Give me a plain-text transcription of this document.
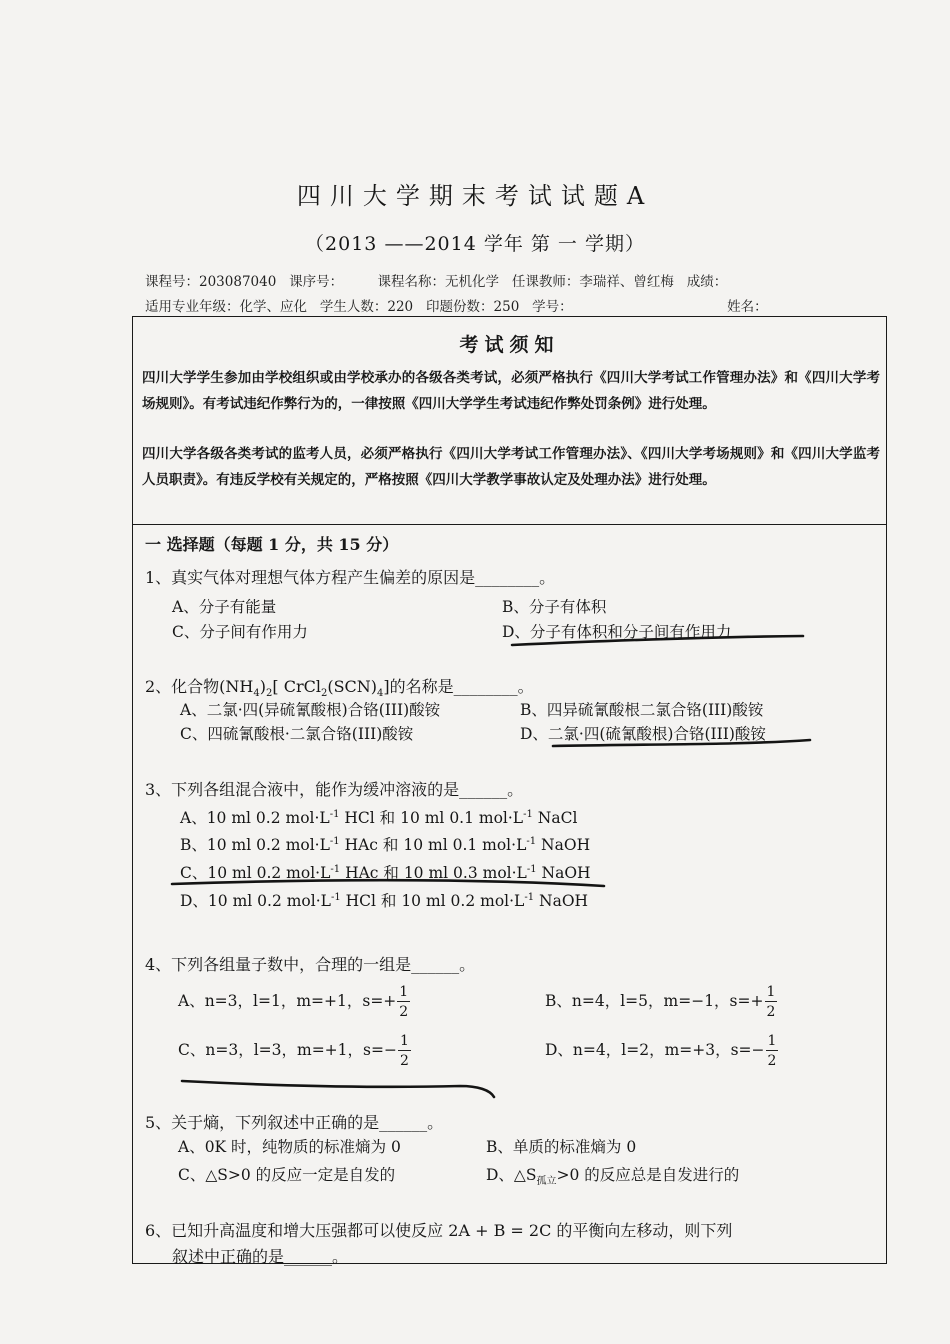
四川大学期末考试试题A
（2013 ——2014 学年 第 一 学期）
课程号：203087040   课序号：        课程名称：无机化学   任课教师：李瑞祥、曾红梅   成绩：
适用专业年级：化学、应化   学生人数：220   印题份数：250   学号：                                    姓名：
考试须知
四川大学学生参加由学校组织或由学校承办的各级各类考试，必须严格执行《四川大学考试工作管理办法》和《四川大学考场规则》。有考试违纪作弊行为的，一律按照《四川大学学生考试违纪作弊处罚条例》进行处理。
四川大学各级各类考试的监考人员，必须严格执行《四川大学考试工作管理办法》、《四川大学考场规则》和《四川大学监考人员职责》。有违反学校有关规定的，严格按照《四川大学教学事故认定及处理办法》进行处理。
一 选择题（每题 1 分，共 15 分）
1、真实气体对理想气体方程产生偏差的原因是________。
A、分子有能量	B、分子有体积
C、分子间有作用力	D、分子有体积和分子间有作用力
2、化合物$(NH_4)_2$[ $CrCl_2(SCN)_4$]的名称是________。
A、二氯·四(异硫氰酸根)合铬(III)酸铵	B、四异硫氰酸根二氯合铬(III)酸铵
C、四硫氰酸根·二氯合铬(III)酸铵	D、二氯·四(硫氰酸根)合铬(III)酸铵
3、下列各组混合液中，能作为缓冲溶液的是______。
A、10 ml 0.2 $mol\cdot L^{-1}$ HCl 和 10 ml 0.1 $mol\cdot L^{-1}$ NaCl
B、10 ml 0.2 $mol\cdot L^{-1}$ HAc 和 10 ml 0.1 $mol\cdot L^{-1}$ NaOH
C、10 ml 0.2 $mol\cdot L^{-1}$ HAc 和 10 ml 0.3 $mol\cdot L^{-1}$ NaOH
D、10 ml 0.2 $mol\cdot L^{-1}$ HCl 和 10 ml 0.2 $mol\cdot L^{-1}$ NaOH
4、下列各组量子数中，合理的一组是______。
A、n=3，l=1，m=+1，$s=+ \frac{1}{2}$	B、n=4，l=5，m=−1，$s=+ \frac{1}{2}$
C、n=3，l=3，m=+1，$s=- \frac{1}{2}$	D、n=4，l=2，m=+3，$s=- \frac{1}{2}$
5、关于熵，下列叙述中正确的是______。
A、0K 时，纯物质的标准熵为 0	B、单质的标准熵为 0
C、△S>0 的反应一定是自发的	D、$\triangle S_{孤立}>0$ 的反应总是自发进行的
6、已知升高温度和增大压强都可以使反应 2A + B = 2C 的平衡向左移动，则下列
叙述中正确的是______。
